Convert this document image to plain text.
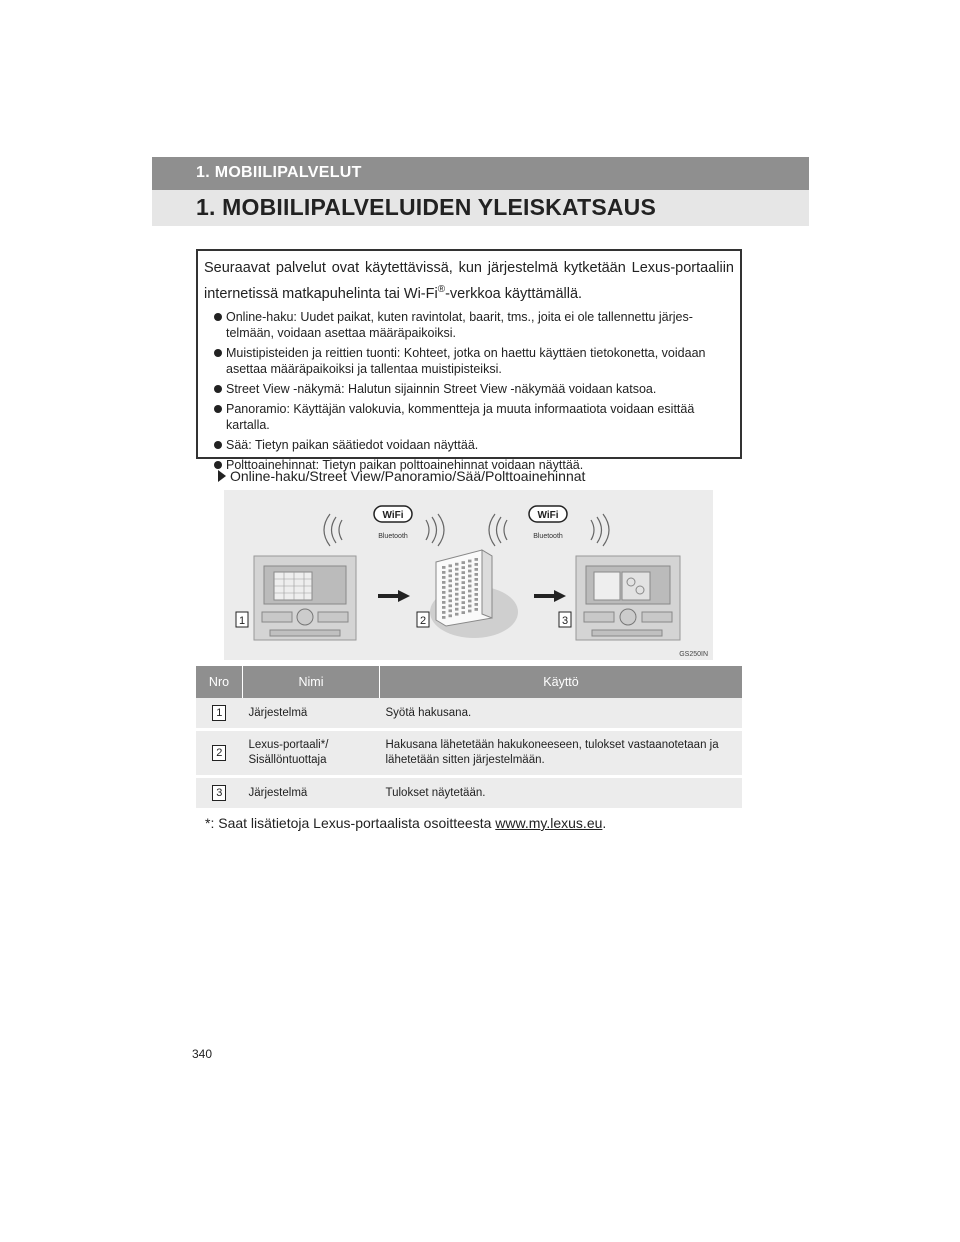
1. MOBIILIPALVELUT
1. MOBIILIPALVELUIDEN YLEISKATSAUS

Seuraavat palvelut ovat käytettävissä, kun järjestelmä kytketään Lexus-portaaliin internetissä matkapuhelinta tai Wi-Fi®-verkkoa käyttämällä.

Online-haku: Uudet paikat, kuten ravintolat, baarit, tms., joita ei ole tallennettu järjes- telmään, voidaan asettaa määräpaikoiksi.
Muistipisteiden ja reittien tuonti: Kohteet, jotka on haettu käyttäen tietokonetta, voidaan asettaa määräpaikoiksi ja tallentaa muistipisteiksi.
Street View -näkymä: Halutun sijainnin Street View -näkymää voidaan katsoa.
Panoramio: Käyttäjän valokuvia, kommentteja ja muuta informaatiota voidaan esittää kartalla.
Sää: Tietyn paikan säätiedot voidaan näyttää.
Polttoainehinnat: Tietyn paikan polttoainehinnat voidaan näyttää.
Online-haku/Street View/Panoramio/Sää/Polttoainehinnat
WiFi
Bluetooth
WiFi
Bluetooth
1	2	3
GS250IN
Nro	Nimi	Käyttö
1	Järjestelmä	Syötä hakusana.
2	Lexus-portaali*/ Sisällöntuottaja	Hakusana lähetetään hakukoneeseen, tulokset vastaanotetaan ja lähetetään sitten järjestelmään.
3	Järjestelmä	Tulokset näytetään.
*: Saat lisätietoja Lexus-portaalista osoitteesta www.my.lexus.eu.
340
